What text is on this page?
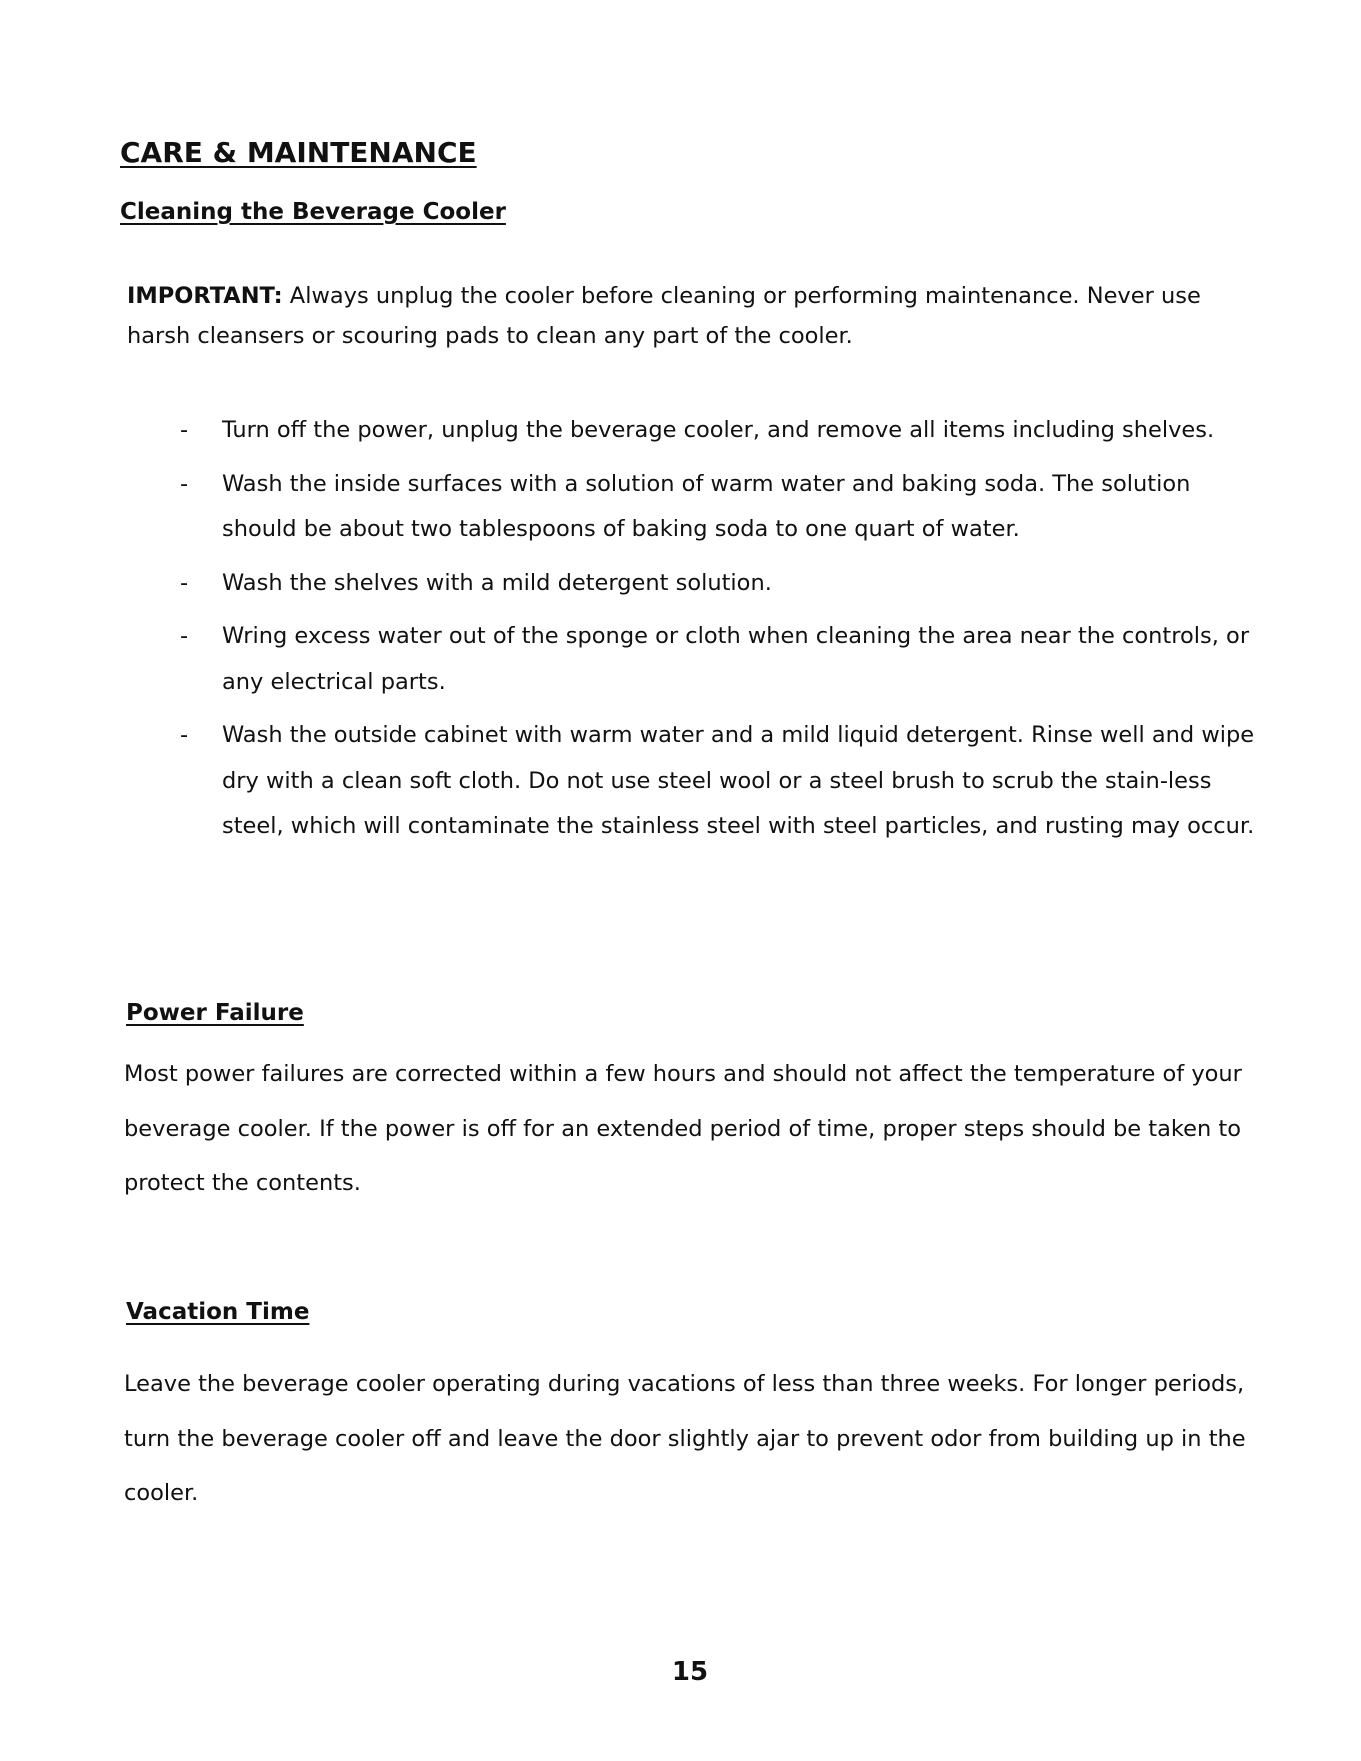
CARE & MAINTENANCE
Cleaning the Beverage Cooler

IMPORTANT: Always unplug the cooler before cleaning or performing maintenance. Never use harsh cleansers or scouring pads to clean any part of the cooler.

- Turn off the power, unplug the beverage cooler, and remove all items including shelves.
- Wash the inside surfaces with a solution of warm water and baking soda. The solution should be about two tablespoons of baking soda to one quart of water.
- Wash the shelves with a mild detergent solution.
- Wring excess water out of the sponge or cloth when cleaning the area near the controls, or any electrical parts.
- Wash the outside cabinet with warm water and a mild liquid detergent. Rinse well and wipe dry with a clean soft cloth. Do not use steel wool or a steel brush to scrub the stain-less steel, which will contaminate the stainless steel with steel particles, and rusting may occur.
Power Failure

Most power failures are corrected within a few hours and should not affect the temperature of your beverage cooler. If the power is off for an extended period of time, proper steps should be taken to protect the contents.

Vacation Time

Leave the beverage cooler operating during vacations of less than three weeks. For longer periods, turn the beverage cooler off and leave the door slightly ajar to prevent odor from building up in the cooler.

15
